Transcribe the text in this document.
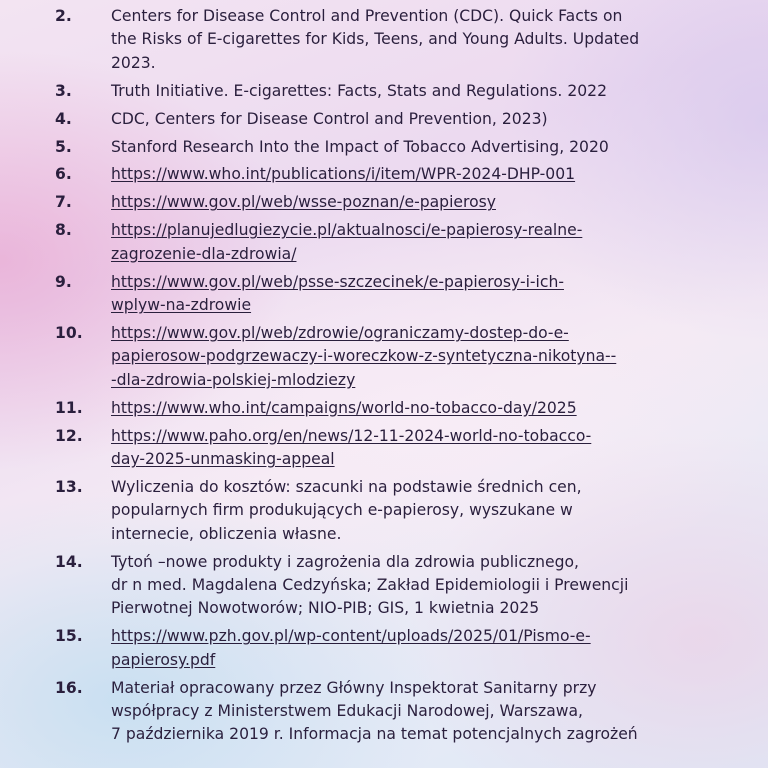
2.	Centers for Disease Control and Prevention (CDC). Quick Facts on
the Risks of E-cigarettes for Kids, Teens, and Young Adults. Updated
2023.
3.	Truth Initiative. E-cigarettes: Facts, Stats and Regulations. 2022
4.	CDC, Centers for Disease Control and Prevention, 2023)
5.	Stanford Research Into the Impact of Tobacco Advertising, 2020
6.	https://www.who.int/publications/i/item/WPR-2024-DHP-001
7.	https://www.gov.pl/web/wsse-poznan/e-papierosy
8.	https://planujedlugiezycie.pl/aktualnosci/e-papierosy-realne-
zagrozenie-dla-zdrowia/
9.	https://www.gov.pl/web/psse-szczecinek/e-papierosy-i-ich-
wplyw-na-zdrowie
10. https://www.gov.pl/web/zdrowie/ograniczamy-dostep-do-e-
papierosow-podgrzewaczy-i-woreczkow-z-syntetyczna-nikotyna--
-dla-zdrowia-polskiej-mlodziezy
11. https://www.who.int/campaigns/world-no-tobacco-day/2025
12. https://www.paho.org/en/news/12-11-2024-world-no-tobacco-
day-2025-unmasking-appeal
13. Wyliczenia do kosztów: szacunki na podstawie średnich cen,
popularnych firm produkujących e-papierosy, wyszukane w
internecie, obliczenia własne.
14. Tytoń –nowe produkty i zagrożenia dla zdrowia publicznego,
dr n med. Magdalena Cedzyńska; Zakład Epidemiologii i Prewencji
Pierwotnej Nowotworów; NIO-PIB; GIS, 1 kwietnia 2025
15. https://www.pzh.gov.pl/wp-content/uploads/2025/01/Pismo-e-
papierosy.pdf
16. Materiał opracowany przez Główny Inspektorat Sanitarny przy
współpracy z Ministerstwem Edukacji Narodowej, Warszawa,
7 października 2019 r. Informacja na temat potencjalnych zagrożeń
